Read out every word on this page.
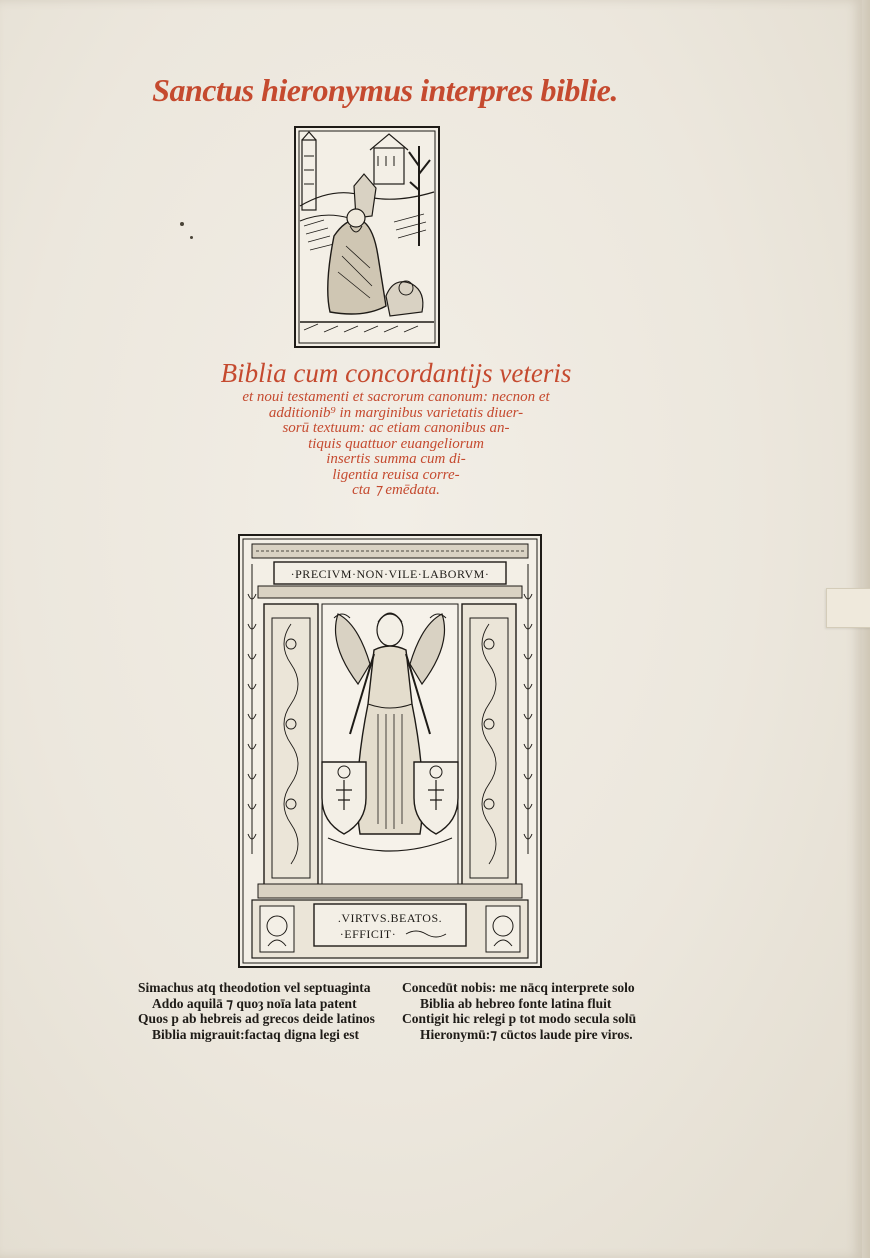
Sanctus hieronymus interpres biblie.
Biblia cum concordantijs veteris
et noui testamenti et sacrorum canonum: necnon et
additionib⁹ in marginibus varietatis diuer-
sorū textuum: ac etiam canonibus an-
tiquis quattuor euangeliorum
insertis summa cum di-
ligentia reuisa corre-
cta ⁊ emēdata.
·PRECIVM·NON·VILE·LABORVM·
.VIRTVS.BEATOS.
·EFFICIT·
Simachus atq theodotion vel septuaginta
Addo aquilā ⁊ quoȝ noīa lata patent
Quos p ab hebreis ad grecos deide latinos
Biblia migrauit:factaq digna legi est
Concedūt nobis: me nācq interprete solo
Biblia ab hebreo fonte latina fluit
Contigit hic relegi p tot modo secula solū
Hieronymū:⁊ cūctos laude pire viros.
